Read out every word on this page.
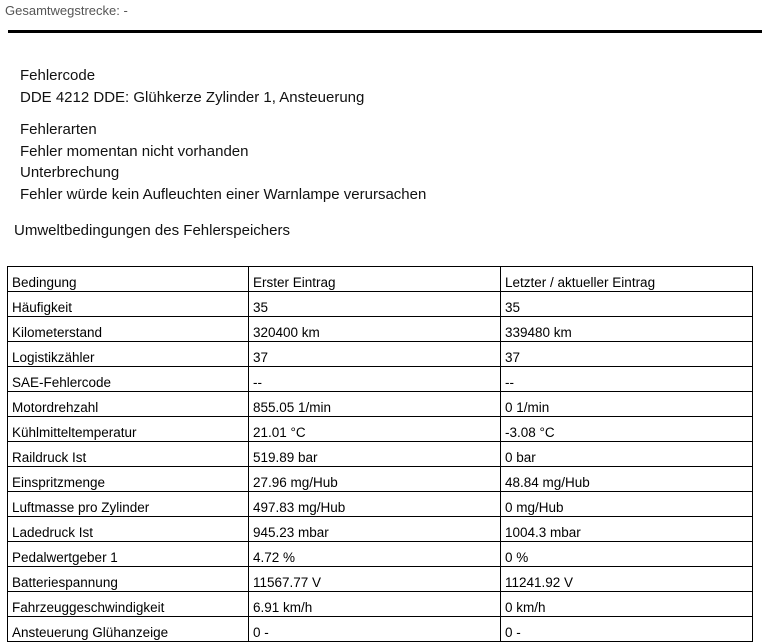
Gesamtwegstrecke: -
Fehlercode
DDE 4212 DDE: Glühkerze Zylinder 1, Ansteuerung
Fehlerarten
Fehler momentan nicht vorhanden
Unterbrechung
Fehler würde kein Aufleuchten einer Warnlampe verursachen
Umweltbedingungen des Fehlerspeichers
Bedingung	Erster Eintrag	Letzter / aktueller Eintrag
Häufigkeit	35	35
Kilometerstand	320400 km	339480 km
Logistikzähler	37	37
SAE-Fehlercode	--	--
Motordrehzahl	855.05 1/min	0 1/min
Kühlmitteltemperatur	21.01 °C	-3.08 °C
Raildruck Ist	519.89 bar	0 bar
Einspritzmenge	27.96 mg/Hub	48.84 mg/Hub
Luftmasse pro Zylinder	497.83 mg/Hub	0 mg/Hub
Ladedruck Ist	945.23 mbar	1004.3 mbar
Pedalwertgeber 1	4.72 %	0 %
Batteriespannung	11567.77 V	11241.92 V
Fahrzeuggeschwindigkeit	6.91 km/h	0 km/h
Ansteuerung Glühanzeige	0 -	0 -
